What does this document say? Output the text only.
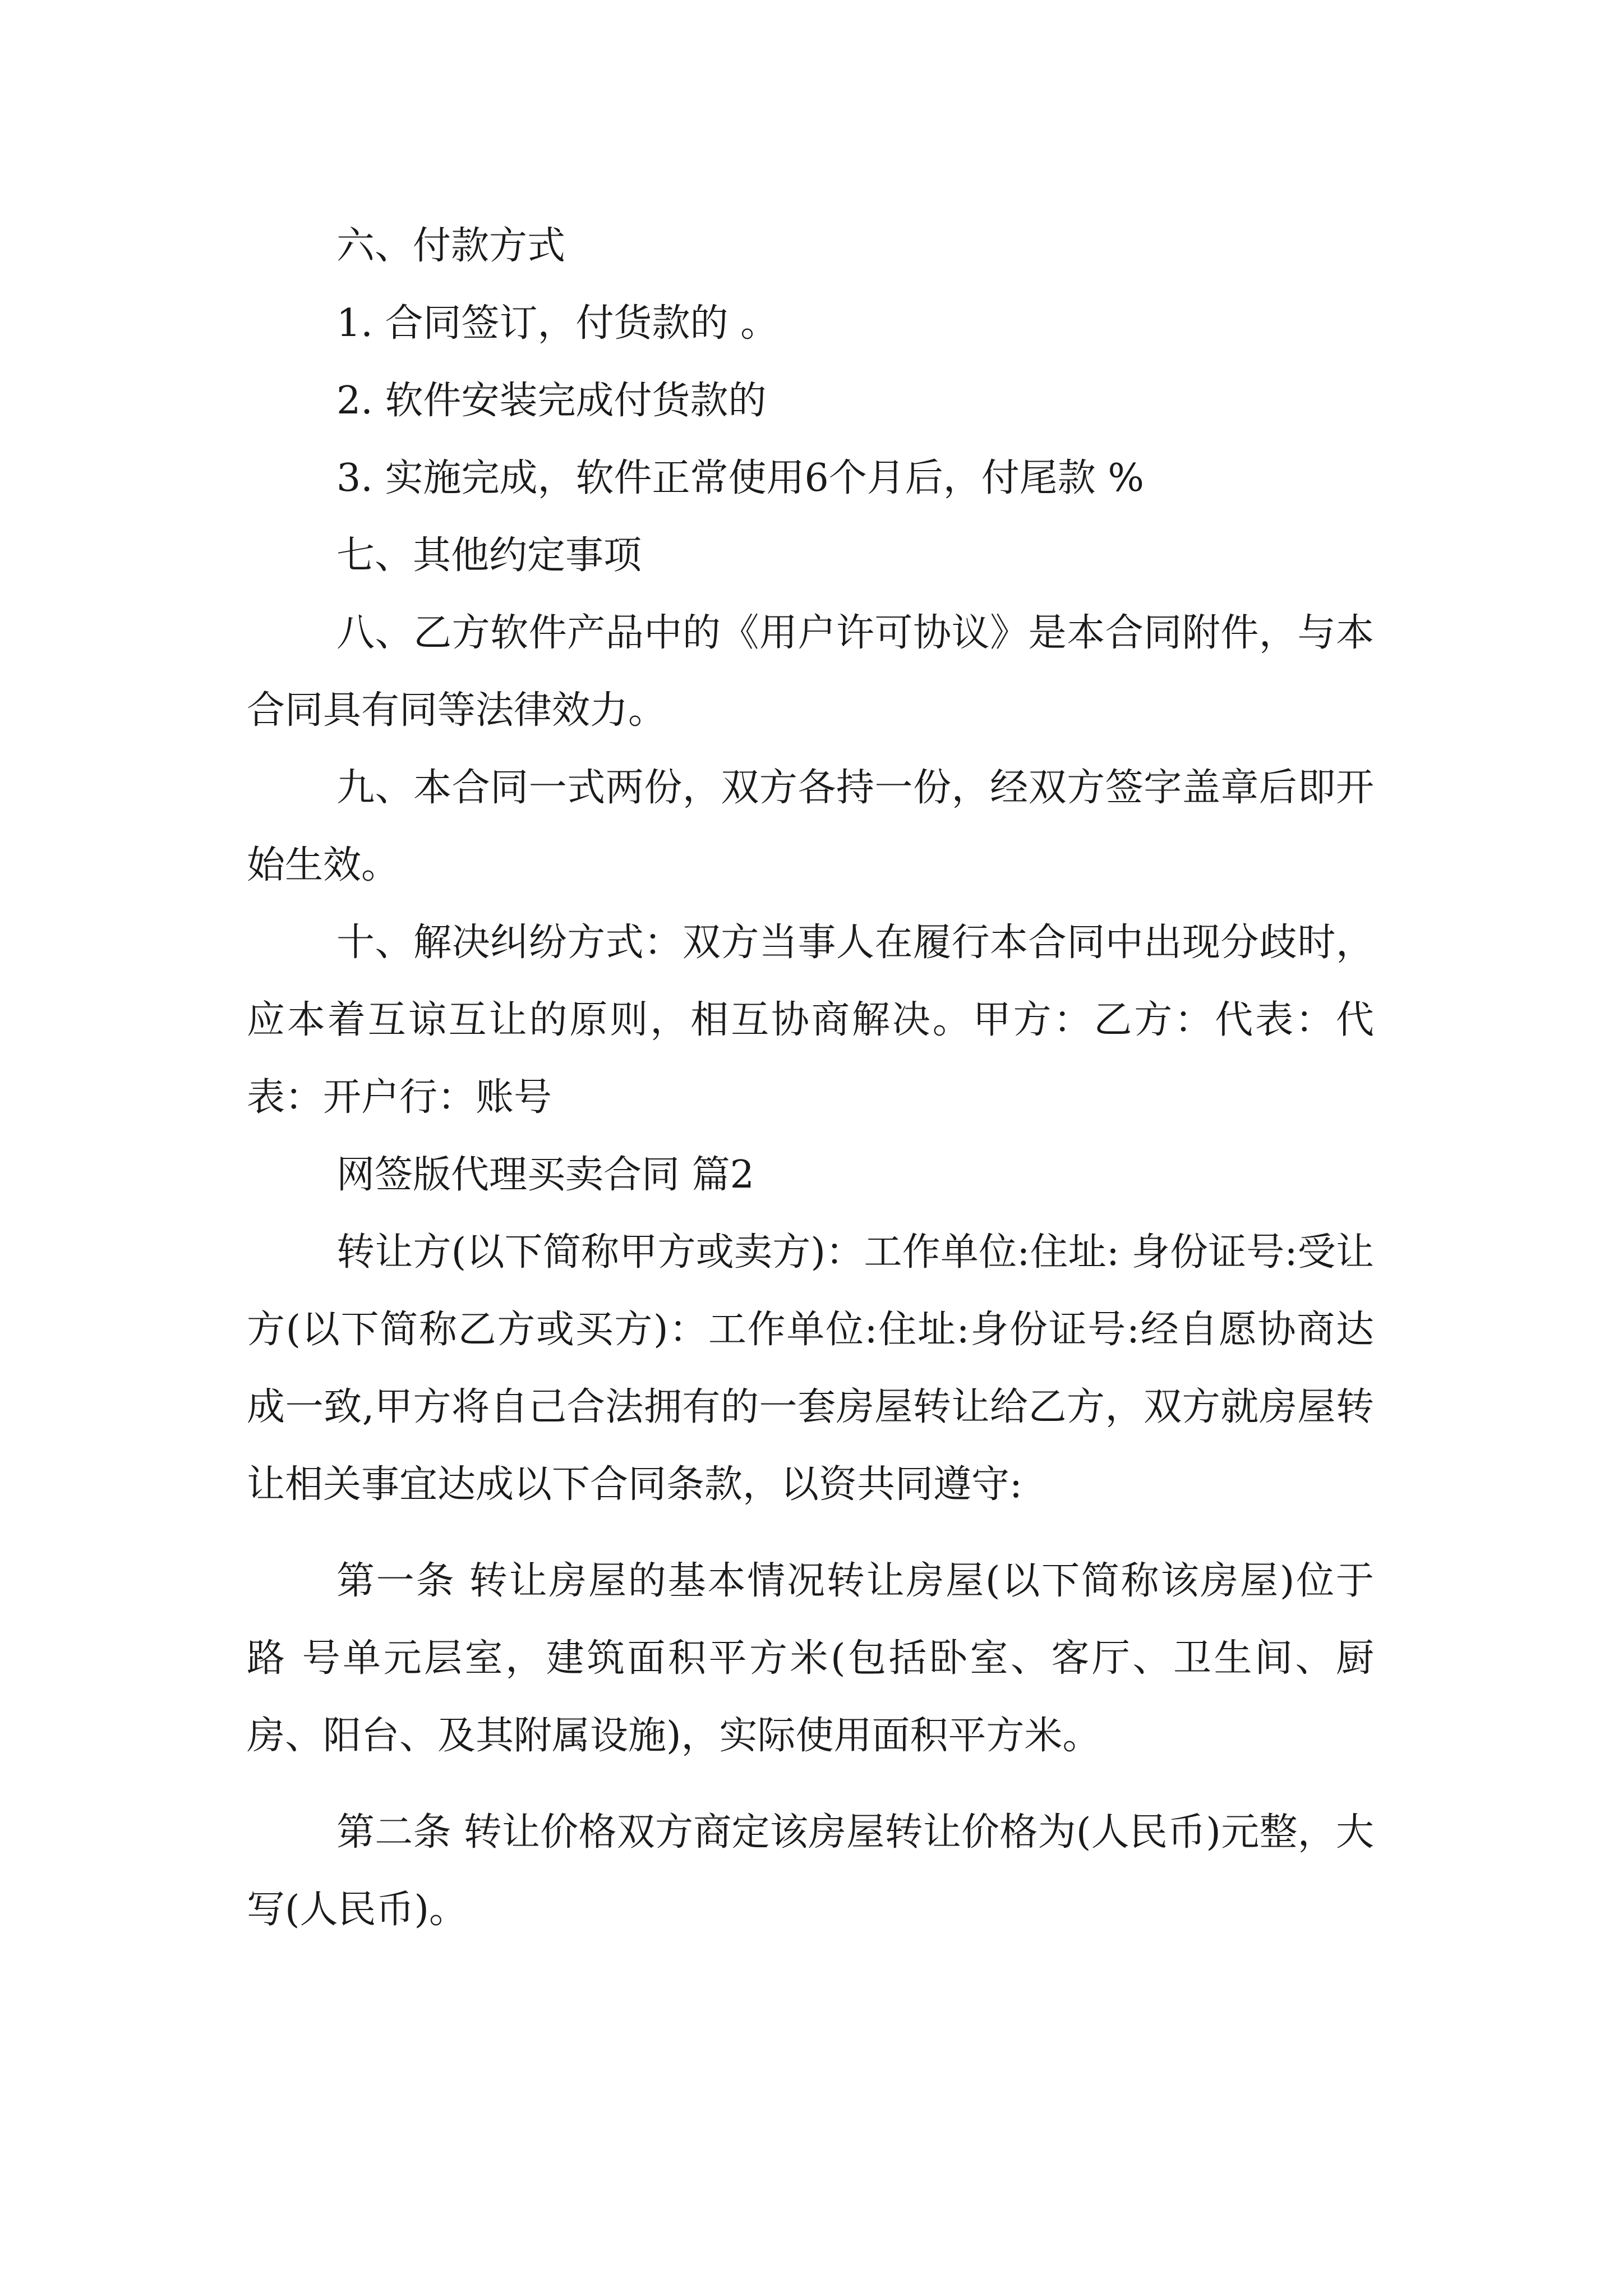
六、付款方式

1. 合同签订，付货款的 。

2. 软件安装完成付货款的

3. 实施完成，软件正常使用6个月后，付尾款 %

七、其他约定事项

八、乙方软件产品中的《用户许可协议》是本合同附件，与本合同具有同等法律效力。

九、本合同一式两份，双方各持一份，经双方签字盖章后即开始生效。

十、解决纠纷方式：双方当事人在履行本合同中出现分歧时，应本着互谅互让的原则，相互协商解决。甲方：乙方：代表：代表：开户行：账号

网签版代理买卖合同 篇2

转让方(以下简称甲方或卖方)：工作单位:住址: 身份证号:受让方(以下简称乙方或买方)：工作单位:住址:身份证号:经自愿协商达成一致,甲方将自己合法拥有的一套房屋转让给乙方，双方就房屋转让相关事宜达成以下合同条款，以资共同遵守:

第一条 转让房屋的基本情况转让房屋(以下简称该房屋)位于 路 号单元层室，建筑面积平方米(包括卧室、客厅、卫生间、厨房、阳台、及其附属设施)，实际使用面积平方米。

第二条 转让价格双方商定该房屋转让价格为(人民币)元整，大写(人民币)。
